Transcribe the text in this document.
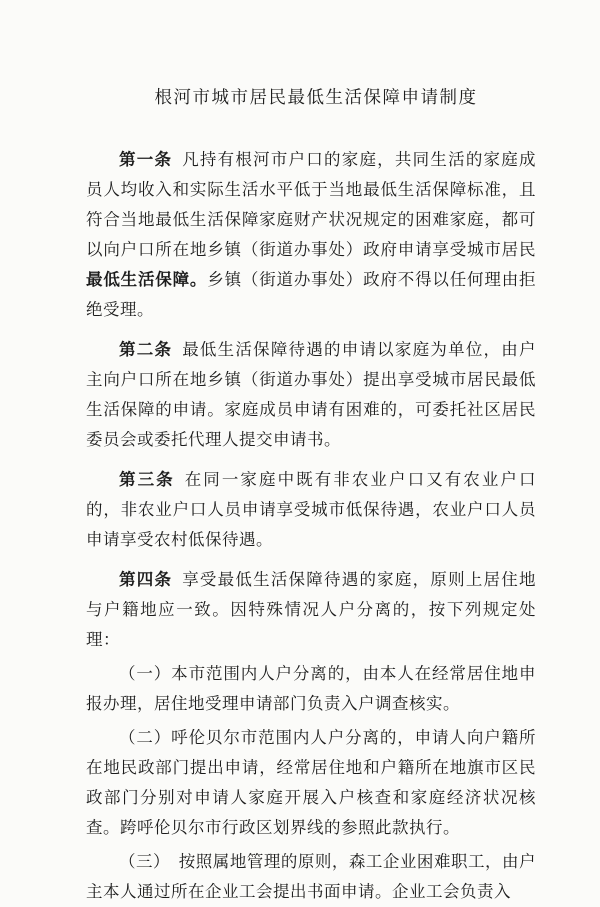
根河市城市居民最低生活保障申请制度

第一条 凡持有根河市户口的家庭，共同生活的家庭成员人均收入和实际生活水平低于当地最低生活保障标准，且符合当地最低生活保障家庭财产状况规定的困难家庭，都可以向户口所在地乡镇（街道办事处）政府申请享受城市居民最低生活保障。乡镇（街道办事处）政府不得以任何理由拒绝受理。

第二条 最低生活保障待遇的申请以家庭为单位，由户主向户口所在地乡镇（街道办事处）提出享受城市居民最低生活保障的申请。家庭成员申请有困难的，可委托社区居民委员会或委托代理人提交申请书。

第三条 在同一家庭中既有非农业户口又有农业户口的，非农业户口人员申请享受城市低保待遇，农业户口人员申请享受农村低保待遇。

第四条 享受最低生活保障待遇的家庭，原则上居住地与户籍地应一致。因特殊情况人户分离的，按下列规定处理：

（一）本市范围内人户分离的，由本人在经常居住地申报办理，居住地受理申请部门负责入户调查核实。

（二）呼伦贝尔市范围内人户分离的，申请人向户籍所在地民政部门提出申请，经常居住地和户籍所在地旗市区民政部门分别对申请人家庭开展入户核查和家庭经济状况核查。跨呼伦贝尔市行政区划界线的参照此款执行。

（三）　按照属地管理的原则，森工企业困难职工，由户主本人通过所在企业工会提出书面申请。企业工会负责入
